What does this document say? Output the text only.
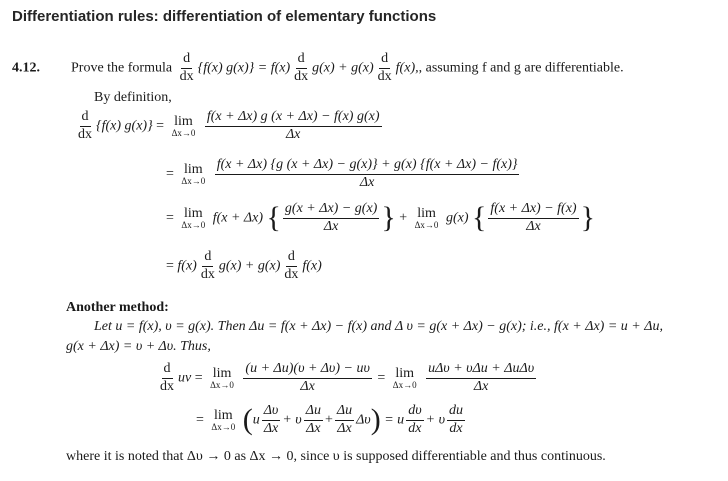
Differentiation rules: differentiation of elementary functions
4.12. Prove the formula $\frac{d}{dx} \{f(x) g(x)\} = f(x) \frac{d}{dx} g(x) + g(x) \frac{d}{dx} f(x)$,, assuming f and g are differentiable.
By definition,
$\frac{d}{dx} \{f(x) g(x)\} = \lim$
Δx→0
$\frac{f(x + \Delta x) g (x + \Delta x) - f(x) g(x)}{\Delta x}$
= lim
Δx→0
$\frac{f(x + \Delta x) \{g (x + \Delta x) - g(x)\} + g(x) \{f(x + \Delta x) - f(x)\}}{\Delta x}$
= lim
Δx→0 f(x + Δx) { $\frac{g(x + \Delta x) - g(x)}{\Delta x}$ } + lim
Δx→0 g(x) { $\frac{f(x + \Delta x) - f(x)}{\Delta x}$ }
= $f(x) \frac{d}{dx} g(x) + g(x) \frac{d}{dx} f(x)$
Another method:
Let u = f(x), υ = g(x). Then Δu = f(x + Δx) − f(x) and Δ υ = g(x + Δx) − g(x); i.e., f(x + Δx) = u + Δu,
g(x + Δx) = υ + Δυ. Thus,
$\frac{d}{dx}$ uv = lim
Δx→0
$\frac{(u + \Delta u)(\upsilon + \Delta\upsilon) - u\upsilon}{\Delta x} = \lim$
Δx→0
$\frac{\text{uΔυ + υΔu + ΔuΔυ}}{\Delta x}$
= lim
Δx→0 $(u \frac{\Delta\upsilon}{\Delta x} + \upsilon \frac{\Delta u}{\Delta x} + \frac{\Delta u}{\Delta x} \Delta\upsilon) = u \frac{d\upsilon}{dx} + \upsilon \frac{du}{dx}$
where it is noted that Δυ → 0 as Δx → 0, since υ is supposed differentiable and thus continuous.
